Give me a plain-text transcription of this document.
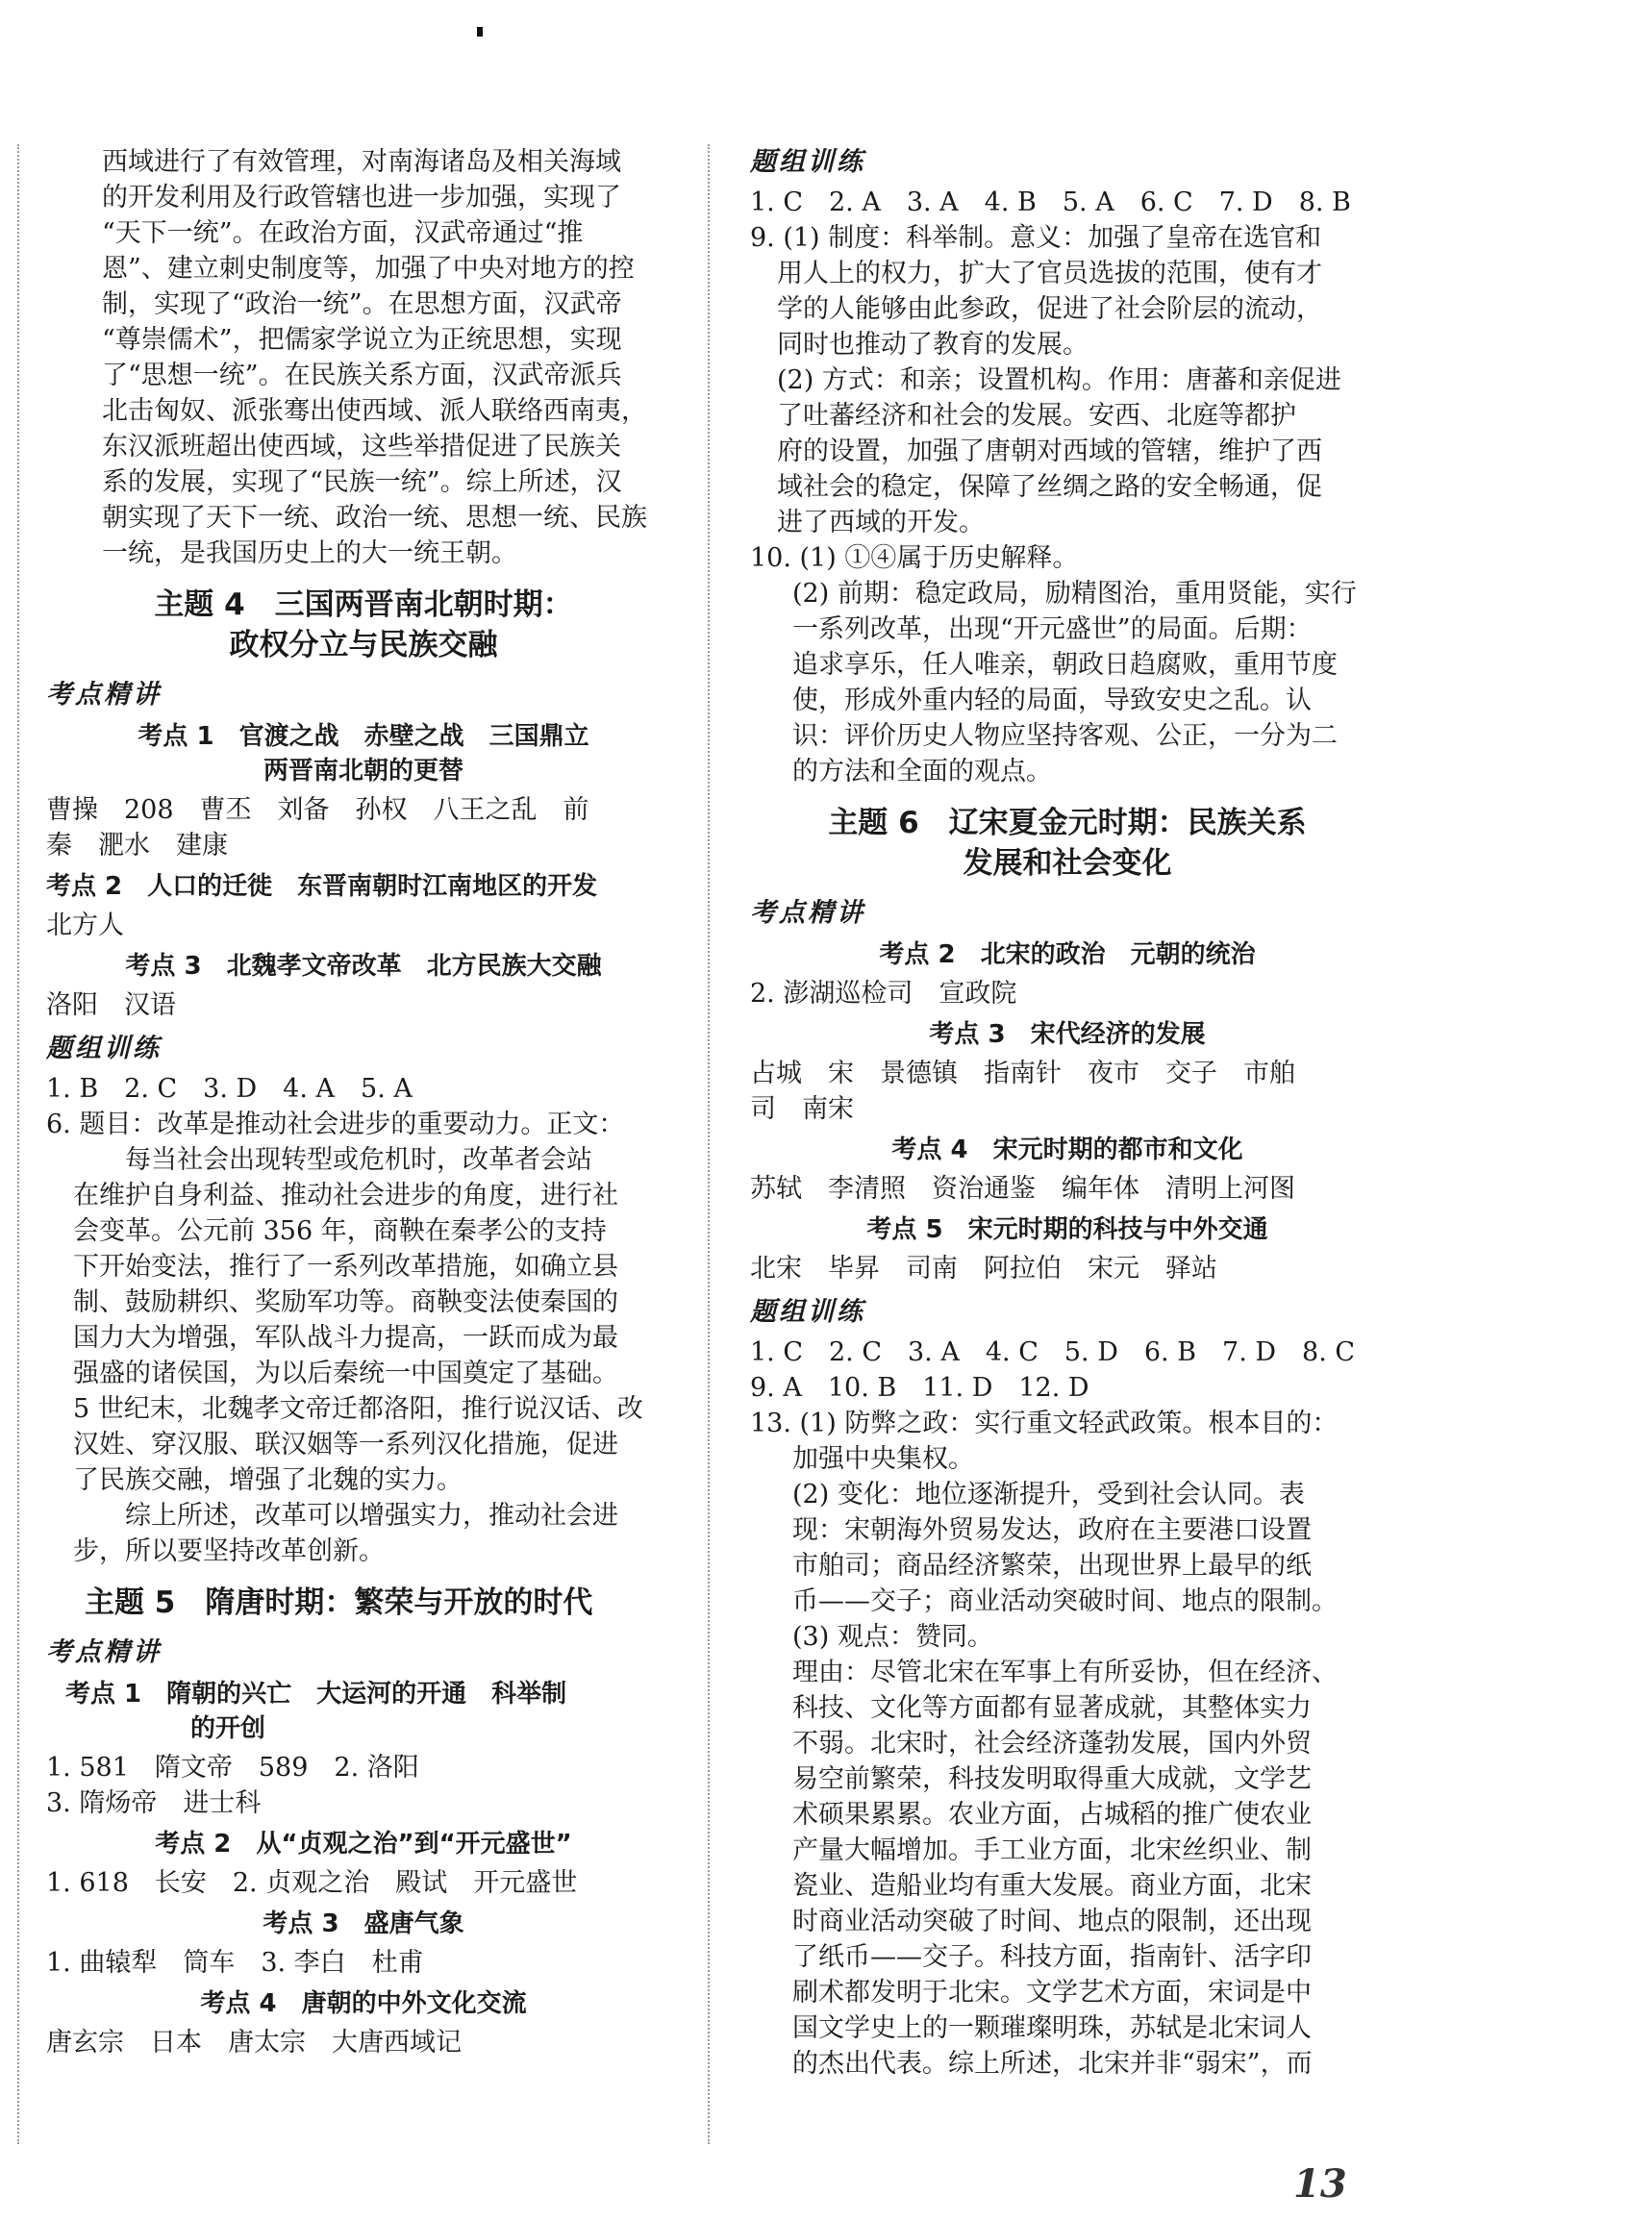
西域进行了有效管理，对南海诸岛及相关海域

的开发利用及行政管辖也进一步加强，实现了

“天下一统”。在政治方面，汉武帝通过“推

恩”、建立刺史制度等，加强了中央对地方的控

制，实现了“政治一统”。在思想方面，汉武帝

“尊崇儒术”，把儒家学说立为正统思想，实现

了“思想一统”。在民族关系方面，汉武帝派兵

北击匈奴、派张骞出使西域、派人联络西南夷，

东汉派班超出使西域，这些举措促进了民族关

系的发展，实现了“民族一统”。综上所述，汉

朝实现了天下一统、政治一统、思想一统、民族

一统，是我国历史上的大一统王朝。

主题 4　三国两晋南北朝时期：
政权分立与民族交融
考点精讲
考点 1　官渡之战　赤壁之战　三国鼎立
两晋南北朝的更替

曹操　208　曹丕　刘备　孙权　八王之乱　前

秦　淝水　建康

考点 2　人口的迁徙　东晋南朝时江南地区的开发

北方人

考点 3　北魏孝文帝改革　北方民族大交融

洛阳　汉语

题组训练

1. B　2. C　3. D　4. A　5. A

6. 题目：改革是推动社会进步的重要动力。正文：

每当社会出现转型或危机时，改革者会站

在维护自身利益、推动社会进步的角度，进行社

会变革。公元前 356 年，商鞅在秦孝公的支持

下开始变法，推行了一系列改革措施，如确立县

制、鼓励耕织、奖励军功等。商鞅变法使秦国的

国力大为增强，军队战斗力提高，一跃而成为最

强盛的诸侯国，为以后秦统一中国奠定了基础。

5 世纪末，北魏孝文帝迁都洛阳，推行说汉话、改

汉姓、穿汉服、联汉姻等一系列汉化措施，促进

了民族交融，增强了北魏的实力。

综上所述，改革可以增强实力，推动社会进

步，所以要坚持改革创新。

主题 5　隋唐时期：繁荣与开放的时代
考点精讲
考点 1　隋朝的兴亡　大运河的开通　科举制
的开创

1. 581　隋文帝　589　2. 洛阳

3. 隋炀帝　进士科

考点 2　从“贞观之治”到“开元盛世”

1. 618　长安　2. 贞观之治　殿试　开元盛世

考点 3　盛唐气象

1. 曲辕犁　筒车　3. 李白　杜甫

考点 4　唐朝的中外文化交流

唐玄宗　日本　唐太宗　大唐西域记

题组训练

1. C　2. A　3. A　4. B　5. A　6. C　7. D　8. B

9. (1) 制度：科举制。意义：加强了皇帝在选官和

用人上的权力，扩大了官员选拔的范围，使有才

学的人能够由此参政，促进了社会阶层的流动，

同时也推动了教育的发展。

(2) 方式：和亲；设置机构。作用：唐蕃和亲促进

了吐蕃经济和社会的发展。安西、北庭等都护

府的设置，加强了唐朝对西域的管辖，维护了西

域社会的稳定，保障了丝绸之路的安全畅通，促

进了西域的开发。

10. (1) ①④属于历史解释。

(2) 前期：稳定政局，励精图治，重用贤能，实行

一系列改革，出现“开元盛世”的局面。后期：

追求享乐，任人唯亲，朝政日趋腐败，重用节度

使，形成外重内轻的局面，导致安史之乱。认

识：评价历史人物应坚持客观、公正，一分为二

的方法和全面的观点。

主题 6　辽宋夏金元时期：民族关系
发展和社会变化
考点精讲
考点 2　北宋的政治　元朝的统治

2. 澎湖巡检司　宣政院

考点 3　宋代经济的发展

占城　宋　景德镇　指南针　夜市　交子　市舶

司　南宋

考点 4　宋元时期的都市和文化

苏轼　李清照　资治通鉴　编年体　清明上河图

考点 5　宋元时期的科技与中外交通

北宋　毕昇　司南　阿拉伯　宋元　驿站

题组训练

1. C　2. C　3. A　4. C　5. D　6. B　7. D　8. C

9. A　10. B　11. D　12. D

13. (1) 防弊之政：实行重文轻武政策。根本目的：

加强中央集权。

(2) 变化：地位逐渐提升，受到社会认同。表

现：宋朝海外贸易发达，政府在主要港口设置

市舶司；商品经济繁荣，出现世界上最早的纸

币——交子；商业活动突破时间、地点的限制。

(3) 观点：赞同。

理由：尽管北宋在军事上有所妥协，但在经济、

科技、文化等方面都有显著成就，其整体实力

不弱。北宋时，社会经济蓬勃发展，国内外贸

易空前繁荣，科技发明取得重大成就，文学艺

术硕果累累。农业方面，占城稻的推广使农业

产量大幅增加。手工业方面，北宋丝织业、制

瓷业、造船业均有重大发展。商业方面，北宋

时商业活动突破了时间、地点的限制，还出现

了纸币——交子。科技方面，指南针、活字印

刷术都发明于北宋。文学艺术方面，宋词是中

国文学史上的一颗璀璨明珠，苏轼是北宋词人

的杰出代表。综上所述，北宋并非“弱宋”，而

13
